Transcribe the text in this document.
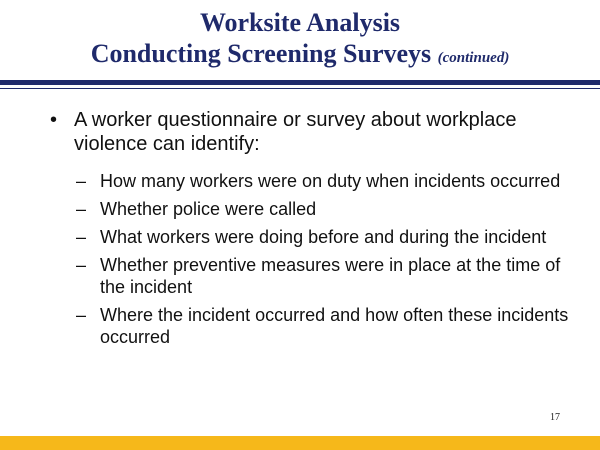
Worksite Analysis
Conducting Screening Surveys (continued)
• A worker questionnaire or survey about workplace violence can identify:
– How many workers were on duty when incidents occurred
– Whether police were called
– What workers were doing before and during the incident
– Whether preventive measures were in place at the time of the incident
– Where the incident occurred and how often these incidents occurred
17
